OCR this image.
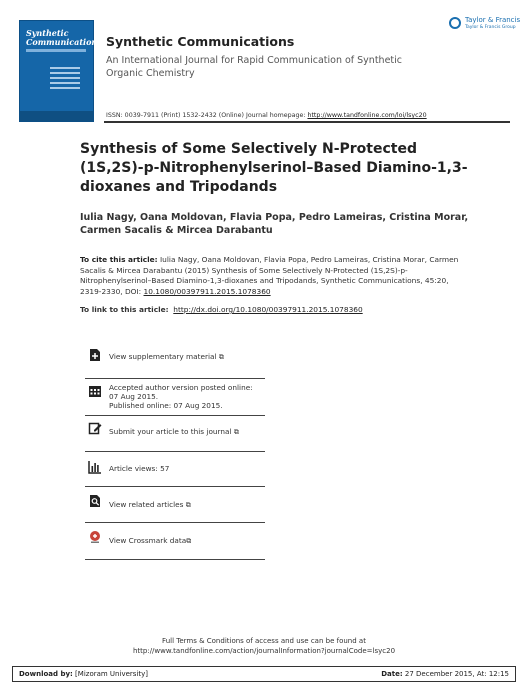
Synthetic Communications Synthetic Communications
An International Journal for Rapid Communication of Synthetic Organic Chemistry
ISSN: 0039-7911 (Print) 1532-2432 (Online) Journal homepage: http://www.tandfonline.com/loi/lsyc20
Taylor & Francis
Taylor & Francis Group
Synthesis of Some Selectively N-Protected (1S,2S)-p-Nitrophenylserinol–Based Diamino-1,3-dioxanes and Tripodands
Iulia Nagy, Oana Moldovan, Flavia Popa, Pedro Lameiras, Cristina Morar, Carmen Sacalis & Mircea Darabantu
To cite this article: Iulia Nagy, Oana Moldovan, Flavia Popa, Pedro Lameiras, Cristina Morar, Carmen Sacalis & Mircea Darabantu (2015) Synthesis of Some Selectively N-Protected (1S,2S)-p-Nitrophenylserinol–Based Diamino-1,3-dioxanes and Tripodands, Synthetic Communications, 45:20, 2319-2330, DOI: 10.1080/00397911.2015.1078360
To link to this article: http://dx.doi.org/10.1080/00397911.2015.1078360
View supplementary material ⧉
Accepted author version posted online: 07 Aug 2015.
Published online: 07 Aug 2015.
Submit your article to this journal ⧉
Article views: 57
View related articles ⧉
View Crossmark data⧉
Full Terms & Conditions of access and use can be found at
http://www.tandfonline.com/action/journalInformation?journalCode=lsyc20
Download by: [Mizoram University]	Date: 27 December 2015, At: 12:15
